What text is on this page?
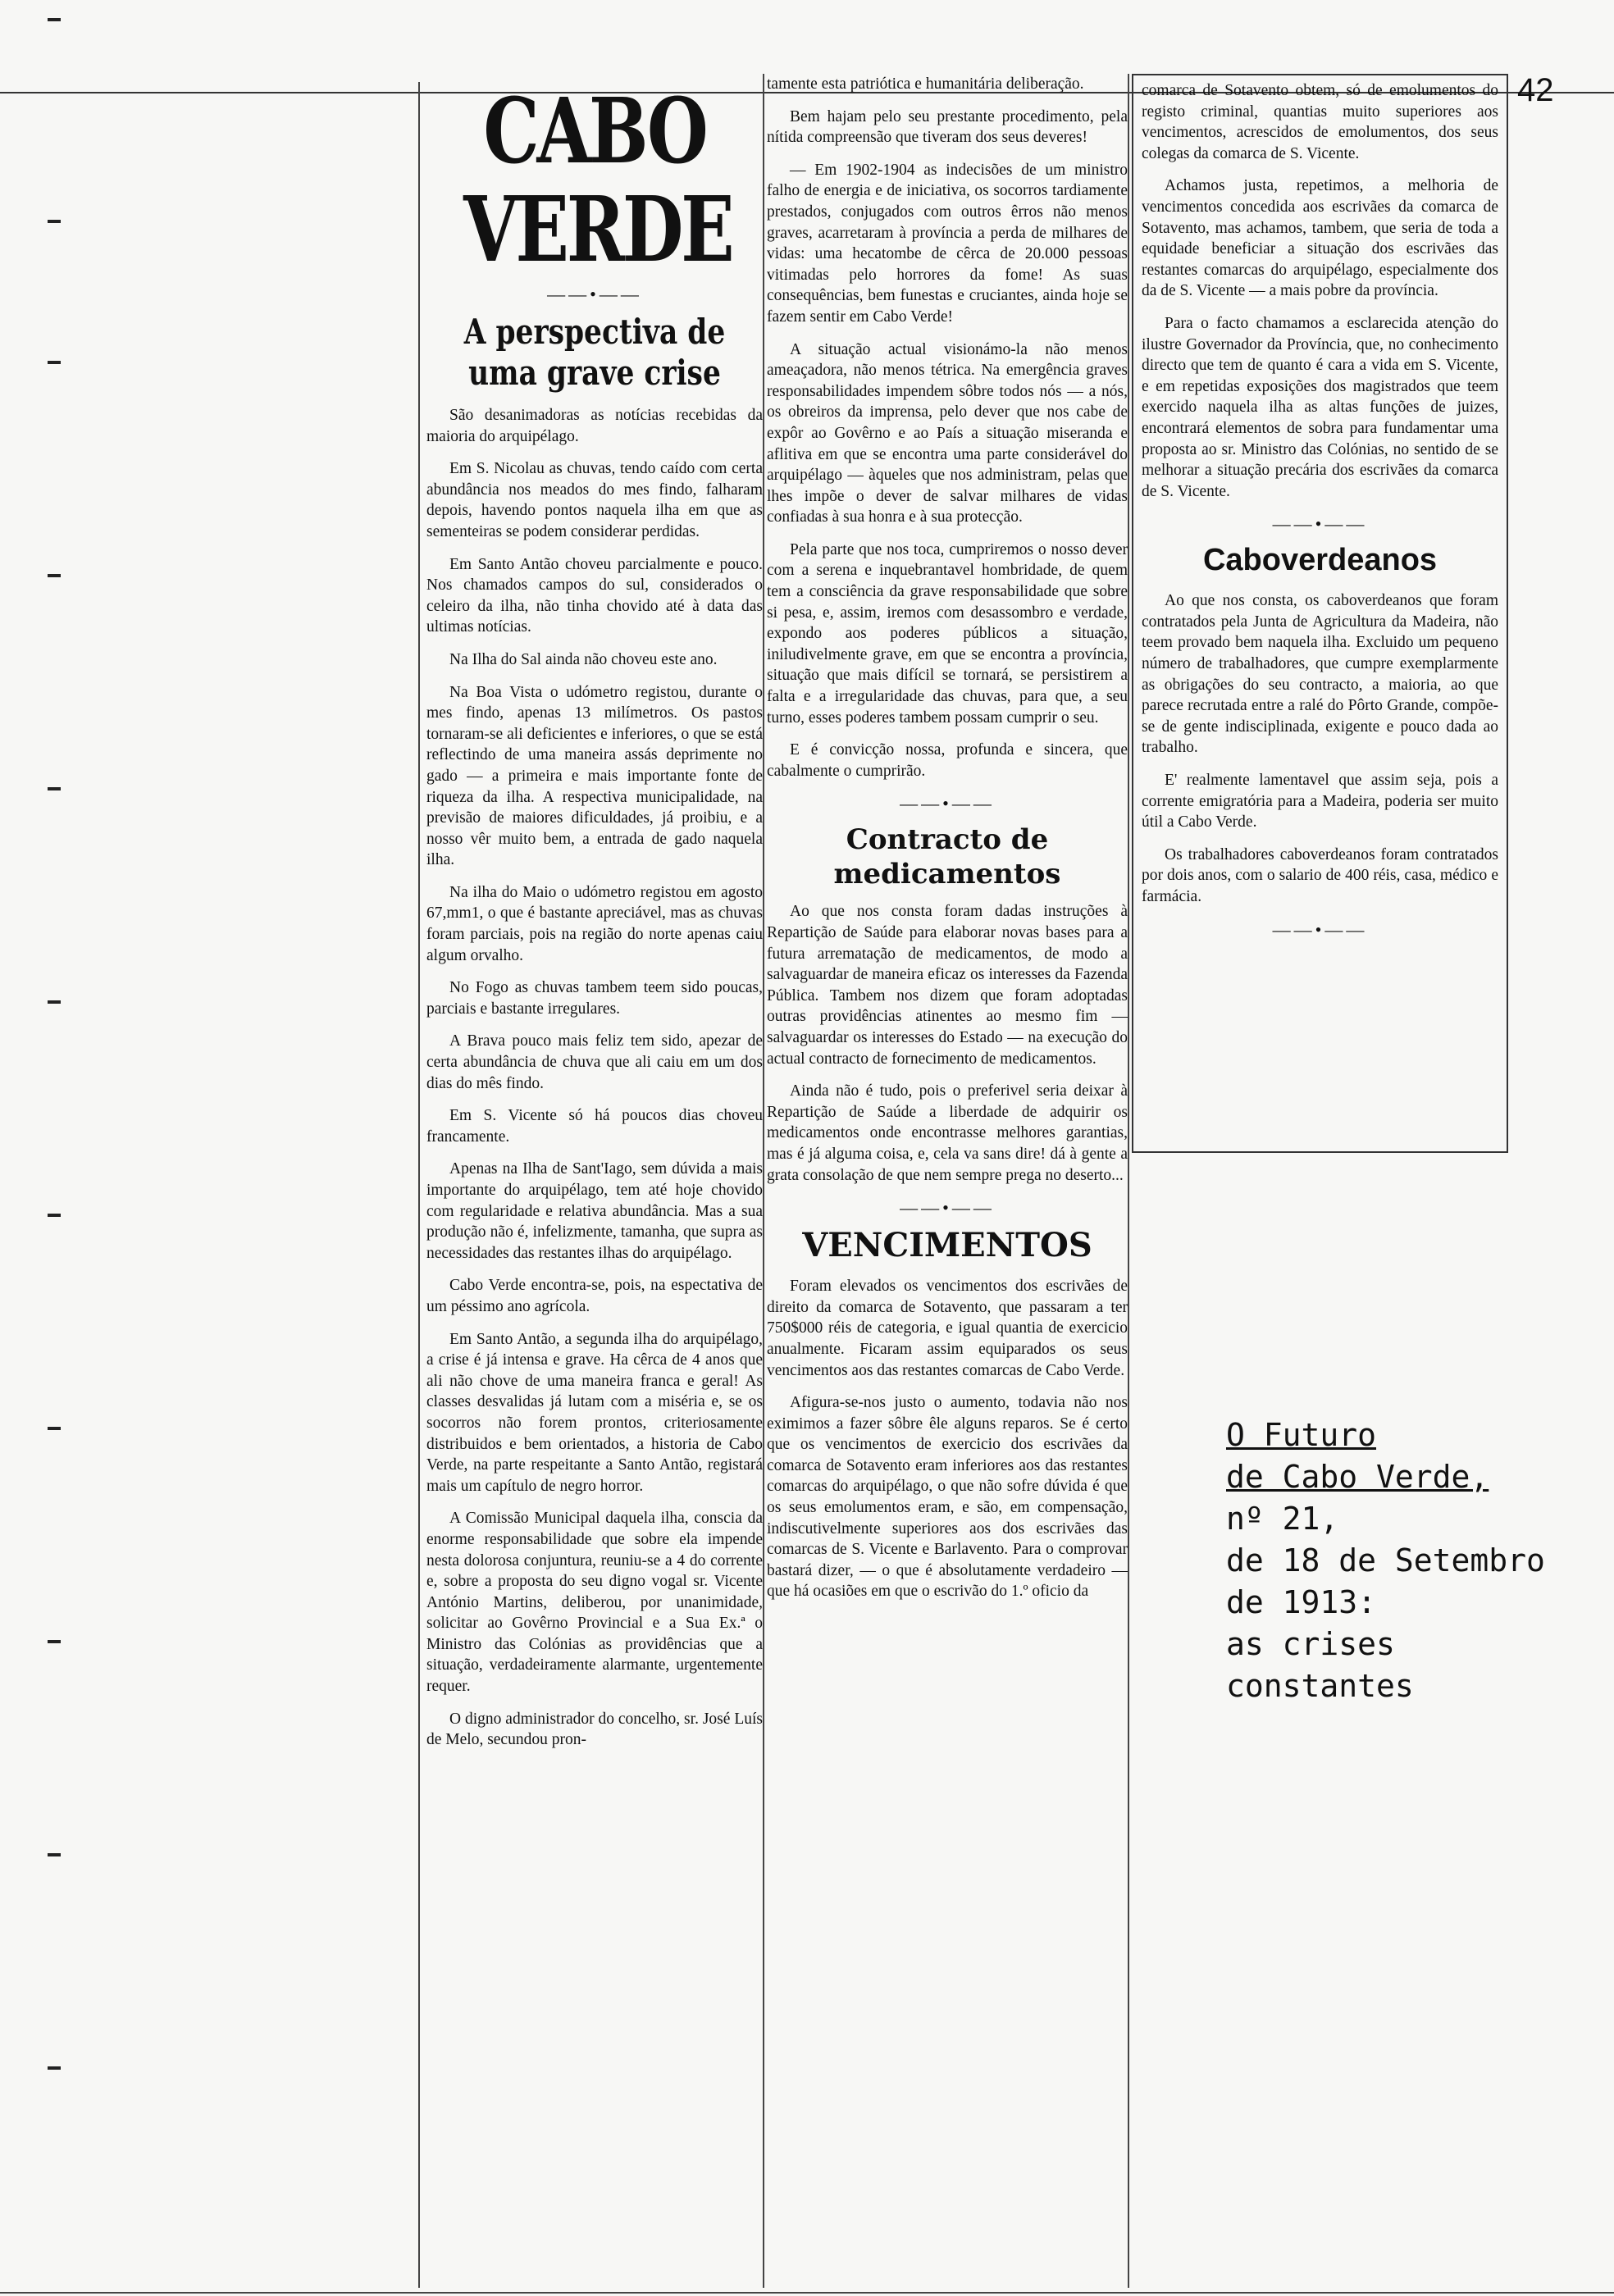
42
CABO VERDE
——•——
A perspectiva de uma grave crise

São desanimadoras as notícias recebidas da maioria do arquipélago.

Em S. Nicolau as chuvas, tendo caído com certa abundância nos meados do mes findo, falharam depois, havendo pontos naquela ilha em que as sementeiras se podem considerar perdidas.

Em Santo Antão choveu parcialmente e pouco. Nos chamados campos do sul, considerados o celeiro da ilha, não tinha chovido até à data das ultimas notícias.

Na Ilha do Sal ainda não choveu este ano.

Na Boa Vista o udómetro registou, durante o mes findo, apenas 13 milímetros. Os pastos tornaram-se ali deficientes e inferiores, o que se está reflectindo de uma maneira assás deprimente no gado — a primeira e mais importante fonte de riqueza da ilha. A respectiva municipalidade, na previsão de maiores dificuldades, já proibiu, e a nosso vêr muito bem, a entrada de gado naquela ilha.

Na ilha do Maio o udómetro registou em agosto 67,mm1, o que é bastante apreciável, mas as chuvas foram parciais, pois na região do norte apenas caiu algum orvalho.

No Fogo as chuvas tambem teem sido poucas, parciais e bastante irregulares.

A Brava pouco mais feliz tem sido, apezar de certa abundância de chuva que ali caiu em um dos dias do mês findo.

Em S. Vicente só há poucos dias choveu francamente.

Apenas na Ilha de Sant'Iago, sem dúvida a mais importante do arquipélago, tem até hoje chovido com regularidade e relativa abundância. Mas a sua produção não é, infelizmente, tamanha, que supra as necessidades das restantes ilhas do arquipélago.

Cabo Verde encontra-se, pois, na espectativa de um péssimo ano agrícola.

Em Santo Antão, a segunda ilha do arquipélago, a crise é já intensa e grave. Ha cêrca de 4 anos que ali não chove de uma maneira franca e geral! As classes desvalidas já lutam com a miséria e, se os socorros não forem prontos, criteriosamente distribuidos e bem orientados, a historia de Cabo Verde, na parte respeitante a Santo Antão, registará mais um capítulo de negro horror.

A Comissão Municipal daquela ilha, conscia da enorme responsabilidade que sobre ela impende nesta dolorosa conjuntura, reuniu-se a 4 do corrente e, sobre a proposta do seu digno vogal sr. Vicente António Martins, deliberou, por unanimidade, solicitar ao Govêrno Provincial e a Sua Ex.ª o Ministro das Colónias as providências que a situação, verdadeiramente alarmante, urgentemente requer.

O digno administrador do concelho, sr. José Luís de Melo, secundou pron-

tamente esta patriótica e humanitária deliberação.

Bem hajam pelo seu prestante procedimento, pela nítida compreensão que tiveram dos seus deveres!

— Em 1902-1904 as indecisões de um ministro falho de energia e de iniciativa, os socorros tardiamente prestados, conjugados com outros êrros não menos graves, acarretaram à província a perda de milhares de vidas: uma hecatombe de cêrca de 20.000 pessoas vitimadas pelo horrores da fome! As suas consequências, bem funestas e cruciantes, ainda hoje se fazem sentir em Cabo Verde!

A situação actual visionámo-la não menos ameaçadora, não menos tétrica. Na emergência graves responsabilidades impendem sôbre todos nós — a nós, os obreiros da imprensa, pelo dever que nos cabe de expôr ao Govêrno e ao País a situação miseranda e aflitiva em que se encontra uma parte considerável do arquipélago — àqueles que nos administram, pelas que lhes impõe o dever de salvar milhares de vidas confiadas à sua honra e à sua protecção.

Pela parte que nos toca, cumpriremos o nosso dever com a serena e inquebrantavel hombridade, de quem tem a consciência da grave responsabilidade que sobre si pesa, e, assim, iremos com desassombro e verdade, expondo aos poderes públicos a situação, iniludivelmente grave, em que se encontra a província, situação que mais difícil se tornará, se persistirem a falta e a irregularidade das chuvas, para que, a seu turno, esses poderes tambem possam cumprir o seu.

E é convicção nossa, profunda e sincera, que cabalmente o cumprirão.

——•——
Contracto de medicamentos

Ao que nos consta foram dadas instruções à Repartição de Saúde para elaborar novas bases para a futura arrematação de medicamentos, de modo a salvaguardar de maneira eficaz os interesses da Fazenda Pública. Tambem nos dizem que foram adoptadas outras providências atinentes ao mesmo fim — salvaguardar os interesses do Estado — na execução do actual contracto de fornecimento de medicamentos.

Ainda não é tudo, pois o preferivel seria deixar à Repartição de Saúde a liberdade de adquirir os medicamentos onde encontrasse melhores garantias, mas é já alguma coisa, e, cela va sans dire! dá à gente a grata consolação de que nem sempre prega no deserto...

——•——
VENCIMENTOS

Foram elevados os vencimentos dos escrivães de direito da comarca de Sotavento, que passaram a ter 750$000 réis de categoria, e igual quantia de exercicio anualmente. Ficaram assim equiparados os seus vencimentos aos das restantes comarcas de Cabo Verde.

Afigura-se-nos justo o aumento, todavia não nos eximimos a fazer sôbre êle alguns reparos. Se é certo que os vencimentos de exercicio dos escrivães da comarca de Sotavento eram inferiores aos das restantes comarcas do arquipélago, o que não sofre dúvida é que os seus emolumentos eram, e são, em compensação, indiscutivelmente superiores aos dos escrivães das comarcas de S. Vicente e Barlavento. Para o comprovar bastará dizer, — o que é absolutamente verdadeiro — que há ocasiões em que o escrivão do 1.º oficio da

comarca de Sotavento obtem, só de emolumentos do registo criminal, quantias muito superiores aos vencimentos, acrescidos de emolumentos, dos seus colegas da comarca de S. Vicente.

Achamos justa, repetimos, a melhoria de vencimentos concedida aos escrivães da comarca de Sotavento, mas achamos, tambem, que seria de toda a equidade beneficiar a situação dos escrivães das restantes comarcas do arquipélago, especialmente dos da de S. Vicente — a mais pobre da província.

Para o facto chamamos a esclarecida atenção do ilustre Governador da Província, que, no conhecimento directo que tem de quanto é cara a vida em S. Vicente, e em repetidas exposições dos magistrados que teem exercido naquela ilha as altas funções de juizes, encontrará elementos de sobra para fundamentar uma proposta ao sr. Ministro das Colónias, no sentido de se melhorar a situação precária dos escrivães da comarca de S. Vicente.

——•——
Caboverdeanos

Ao que nos consta, os caboverdeanos que foram contratados pela Junta de Agricultura da Madeira, não teem provado bem naquela ilha. Excluido um pequeno número de trabalhadores, que cumpre exemplarmente as obrigações do seu contracto, a maioria, ao que parece recrutada entre a ralé do Pôrto Grande, compõe-se de gente indisciplinada, exigente e pouco dada ao trabalho.

E' realmente lamentavel que assim seja, pois a corrente emigratória para a Madeira, poderia ser muito útil a Cabo Verde.

Os trabalhadores caboverdeanos foram contratados por dois anos, com o salario de 400 réis, casa, médico e farmácia.

——•——
O Futuro
de Cabo Verde,
nº 21,
de 18 de Setembro
de 1913:
as crises
constantes
